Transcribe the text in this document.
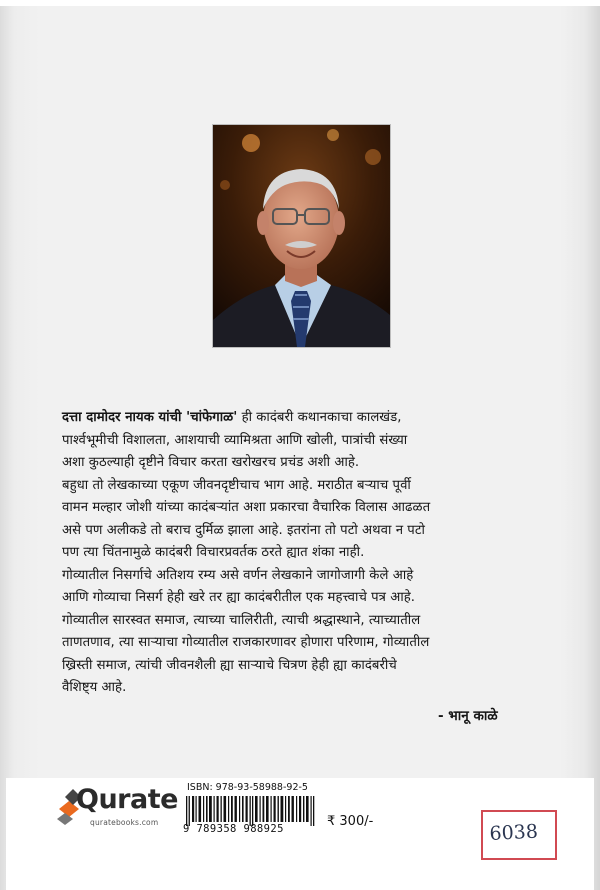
दत्ता दामोदर नायक यांची 'चांफेगाळ' ही कादंबरी कथानकाचा कालखंड,
पार्श्वभूमीची विशालता, आशयाची व्यामिश्रता आणि खोली, पात्रांची संख्या
अशा कुठल्याही दृष्टीने विचार करता खरोखरच प्रचंड अशी आहे.
बहुधा तो लेखकाच्या एकूण जीवनदृष्टीचाच भाग आहे. मराठीत बऱ्याच पूर्वी
वामन मल्हार जोशी यांच्या कादंबऱ्यांत अशा प्रकारचा वैचारिक विलास आढळत
असे पण अलीकडे तो बराच दुर्मिळ झाला आहे. इतरांना तो पटो अथवा न पटो
पण त्या चिंतनामुळे कादंबरी विचारप्रवर्तक ठरते ह्यात शंका नाही.
गोव्यातील निसर्गाचे अतिशय रम्य असे वर्णन लेखकाने जागोजागी केले आहे
आणि गोव्याचा निसर्ग हेही खरे तर ह्या कादंबरीतील एक महत्त्वाचे पत्र आहे.
गोव्यातील सारस्वत समाज, त्याच्या चालिरीती, त्याची श्रद्धास्थाने, त्याच्यातील
ताणतणाव, त्या साऱ्याचा गोव्यातील राजकारणावर होणारा परिणाम, गोव्यातील
ख्रिस्ती समाज, त्यांची जीवनशैली ह्या साऱ्याचे चित्रण हेही ह्या कादंबरीचे
वैशिष्ट्य आहे.
- भानू काळे
Qurate
quratebooks.com
ISBN: 978-93-58988-92-5
9 789358 988925	₹ 300/-	6038
